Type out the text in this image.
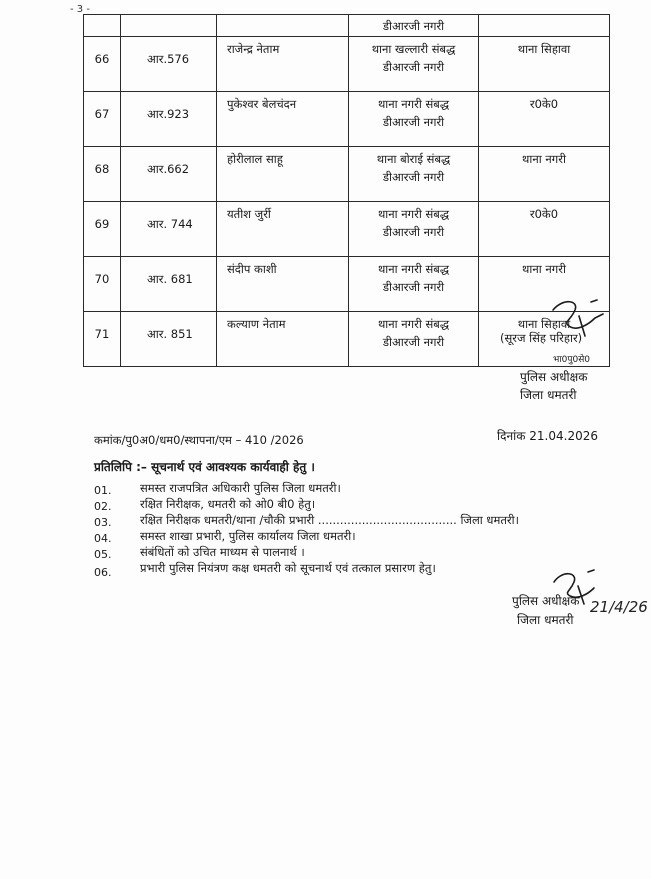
- 3 -
			डीआरजी नगरी	
66	आर.576	राजेन्द्र नेताम	थाना खल्लारी संबद्ध
डीआरजी नगरी	थाना सिहावा
67	आर.923	पुकेश्वर बेलचंदन	थाना नगरी संबद्ध
डीआरजी नगरी	र0के0
68	आर.662	होरीलाल साहू	थाना बोराई संबद्ध
डीआरजी नगरी	थाना नगरी
69	आर. 744	यतीश जुर्री	थाना नगरी संबद्ध
डीआरजी नगरी	र0के0
70	आर. 681	संदीप काशी	थाना नगरी संबद्ध
डीआरजी नगरी	थाना नगरी
71	आर. 851	कल्याण नेताम	थाना नगरी संबद्ध
डीआरजी नगरी	थाना सिहावा
(सूरज सिंह परिहार)
भा0पु0से0
पुलिस अधीक्षक
जिला धमतरी
दिनांक 21.04.2026
कमांक/पु0अ0/धम0/स्थापना/एम – 410 /2026
प्रतिलिपि :– सूचनार्थ एवं आवश्यक कार्यवाही हेतु ।
01. समस्त राजपत्रित अधिकारी पुलिस जिला धमतरी।
02. रक्षित निरीक्षक, धमतरी को ओ0 बी0 हेतु।
03. रक्षित निरीक्षक धमतरी/थाना /चौकी प्रभारी ...................................... जिला धमतरी।
04. समस्त शाखा प्रभारी, पुलिस कार्यालय जिला धमतरी।
05. संबंधितों को उचित माध्यम से पालनार्थ ।
06. प्रभारी पुलिस नियंत्रण कक्ष धमतरी को सूचनार्थ एवं तत्काल प्रसारण हेतु।
पुलिस अधीक्षक
जिला धमतरी
21/4/26
